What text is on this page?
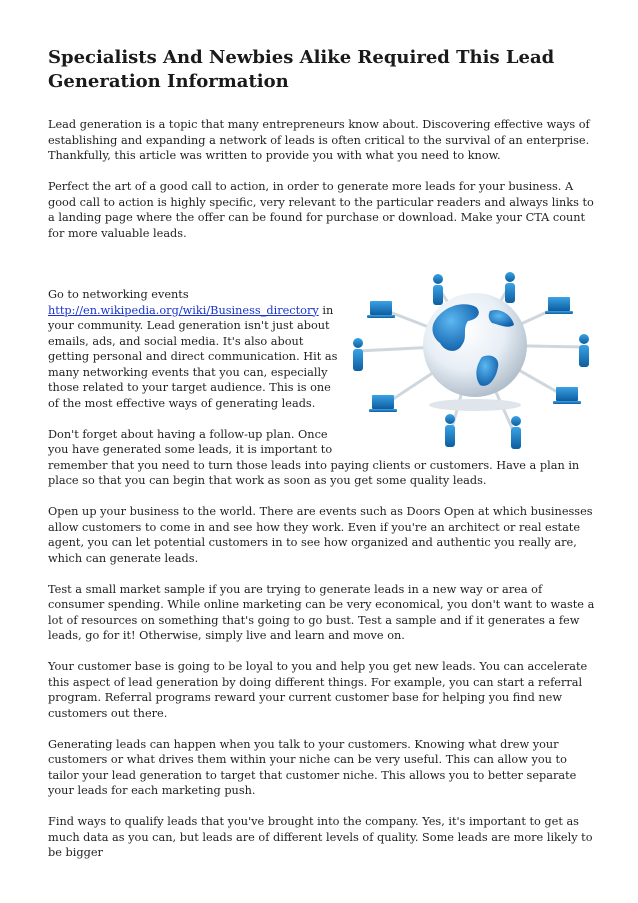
Specialists And Newbies Alike Required This Lead Generation Information

Lead generation is a topic that many entrepreneurs know about. Discovering effective ways of establishing and expanding a network of leads is often critical to the survival of an enterprise. Thankfully, this article was written to provide you with what you need to know.

Perfect the art of a good call to action, in order to generate more leads for your business. A good call to action is highly specific, very relevant to the particular readers and always links to a landing page where the offer can be found for purchase or download. Make your CTA count for more valuable leads.

Go to networking events http://en.wikipedia.org/wiki/Business_directory in your community. Lead generation isn't just about emails, ads, and social media. It's also about getting personal and direct communication. Hit as many networking events that you can, especially those related to your target audience. This is one of the most effective ways of generating leads.

Don't forget about having a follow-up plan. Once you have generated some leads, it is important to
remember that you need to turn those leads into paying clients or customers. Have a plan in place so that you can begin that work as soon as you get some quality leads.

Open up your business to the world. There are events such as Doors Open at which businesses allow customers to come in and see how they work. Even if you're an architect or real estate agent, you can let potential customers in to see how organized and authentic you really are, which can generate leads.

Test a small market sample if you are trying to generate leads in a new way or area of consumer spending. While online marketing can be very economical, you don't want to waste a lot of resources on something that's going to go bust. Test a sample and if it generates a few leads, go for it! Otherwise, simply live and learn and move on.

Your customer base is going to be loyal to you and help you get new leads. You can accelerate this aspect of lead generation by doing different things. For example, you can start a referral program. Referral programs reward your current customer base for helping you find new customers out there.

Generating leads can happen when you talk to your customers. Knowing what drew your customers or what drives them within your niche can be very useful. This can allow you to tailor your lead generation to target that customer niche. This allows you to better separate your leads for each marketing push.

Find ways to qualify leads that you've brought into the company. Yes, it's important to get as much data as you can, but leads are of different levels of quality. Some leads are more likely to be bigger
